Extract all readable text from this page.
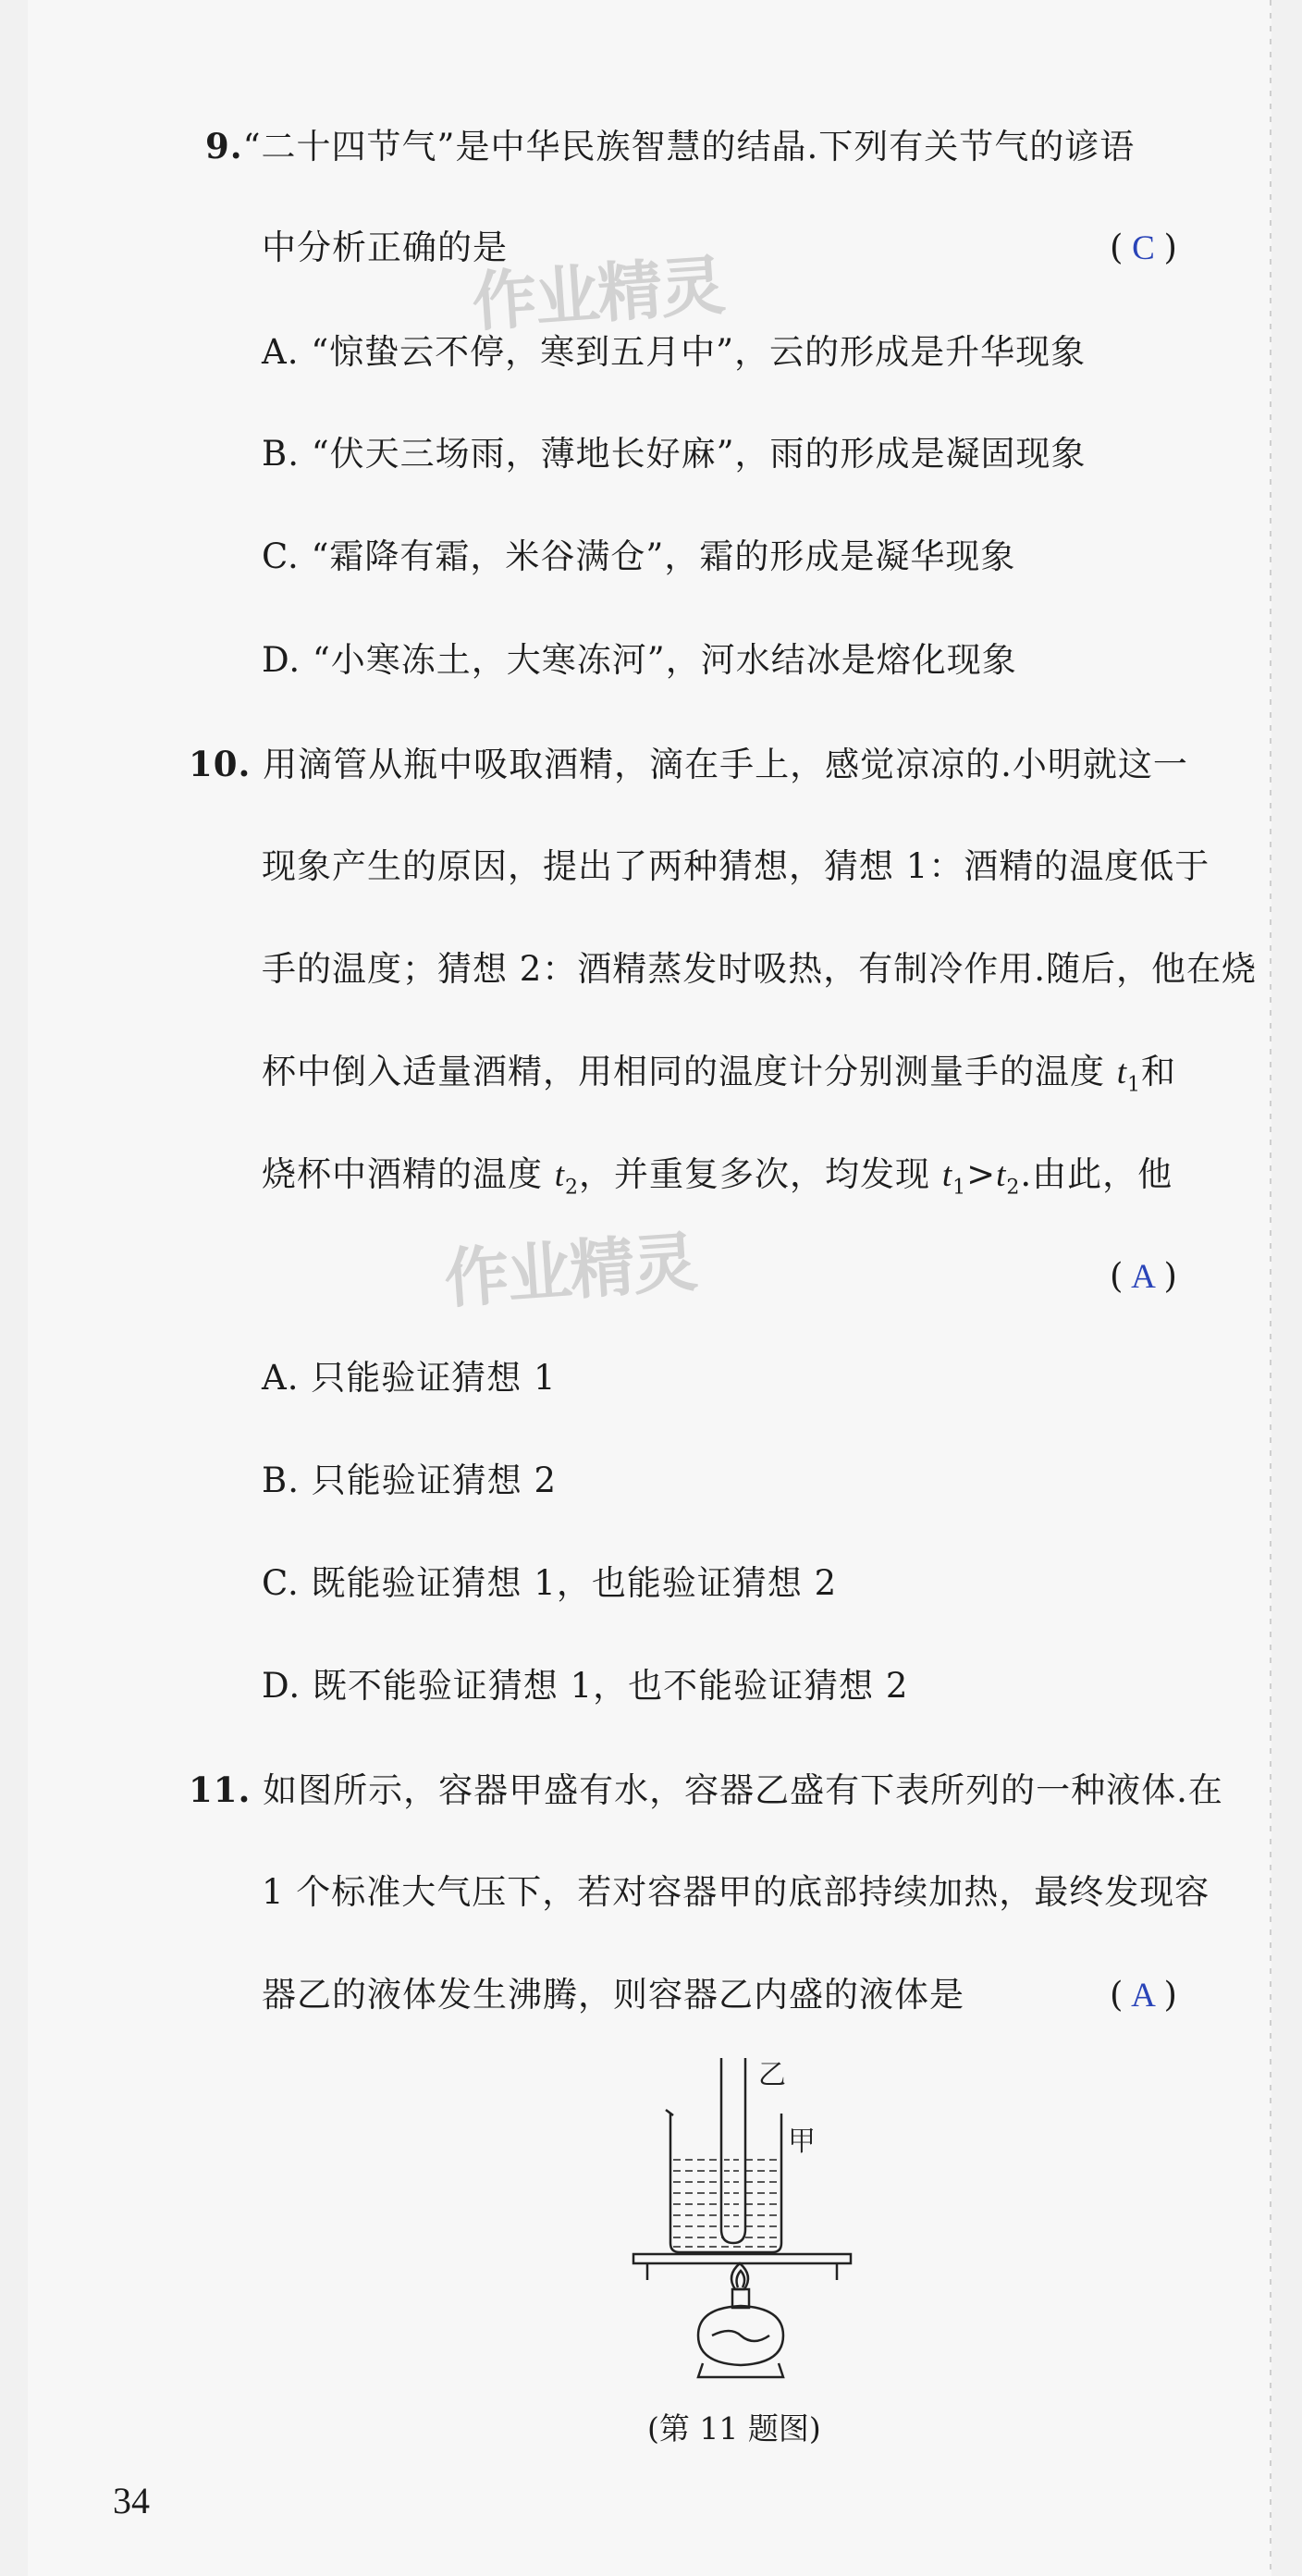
9.“二十四节气”是中华民族智慧的结晶.下列有关节气的谚语
中分析正确的是	( C )
A. “惊蛰云不停，寒到五月中”，云的形成是升华现象
B. “伏天三场雨，薄地长好麻”，雨的形成是凝固现象
C. “霜降有霜，米谷满仓”，霜的形成是凝华现象
D. “小寒冻土，大寒冻河”，河水结冰是熔化现象
10. 用滴管从瓶中吸取酒精，滴在手上，感觉凉凉的.小明就这一
现象产生的原因，提出了两种猜想，猜想 1：酒精的温度低于
手的温度；猜想 2：酒精蒸发时吸热，有制冷作用.随后，他在烧
杯中倒入适量酒精，用相同的温度计分别测量手的温度 $t_1$和
烧杯中酒精的温度 $t_2$，并重复多次，均发现 $t_1>t_2$.由此，他
( A )
A. 只能验证猜想 1
B. 只能验证猜想 2
C. 既能验证猜想 1，也能验证猜想 2
D. 既不能验证猜想 1，也不能验证猜想 2
11. 如图所示，容器甲盛有水，容器乙盛有下表所列的一种液体.在
1 个标准大气压下，若对容器甲的底部持续加热，最终发现容
器乙的液体发生沸腾，则容器乙内盛的液体是	( A )
乙
甲
(第 11 题图)
作业精灵
作业精灵
34
